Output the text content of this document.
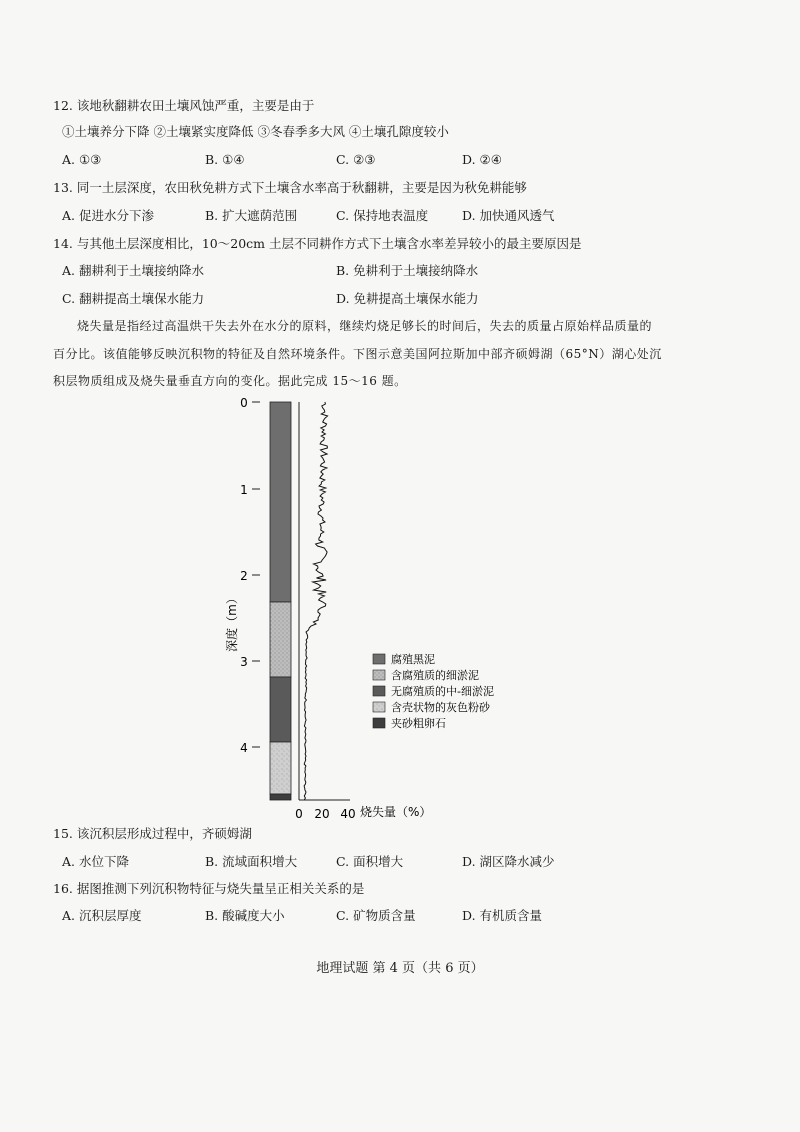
12. 该地秋翻耕农田土壤风蚀严重，主要是由于
①土壤养分下降 ②土壤紧实度降低 ③冬春季多大风 ④土壤孔隙度较小
A. ①③	B. ①④	C. ②③	D. ②④
13. 同一土层深度，农田秋免耕方式下土壤含水率高于秋翻耕，主要是因为秋免耕能够
A. 促进水分下渗	B. 扩大遮荫范围	C. 保持地表温度	D. 加快通风透气
14. 与其他土层深度相比，10～20cm 土层不同耕作方式下土壤含水率差异较小的最主要原因是
A. 翻耕利于土壤接纳降水	B. 免耕利于土壤接纳降水
C. 翻耕提高土壤保水能力	D. 免耕提高土壤保水能力
烧失量是指经过高温烘干失去外在水分的原料，继续灼烧足够长的时间后，失去的质量占原始样品质量的
百分比。该值能够反映沉积物的特征及自然环境条件。下图示意美国阿拉斯加中部齐硕姆湖（65°N）湖心处沉
积层物质组成及烧失量垂直方向的变化。据此完成 15～16 题。
0
1
2
3
4
深度（m）
0 20 40 烧失量（%）
腐殖黑泥
含腐殖质的细淤泥
无腐殖质的中-细淤泥
含壳状物的灰色粉砂
夹砂粗卵石
15. 该沉积层形成过程中，齐硕姆湖
A. 水位下降	B. 流域面积增大	C. 面积增大	D. 湖区降水减少
16. 据图推测下列沉积物特征与烧失量呈正相关关系的是
A. 沉积层厚度	B. 酸碱度大小	C. 矿物质含量	D. 有机质含量
地理试题 第 4 页（共 6 页）
